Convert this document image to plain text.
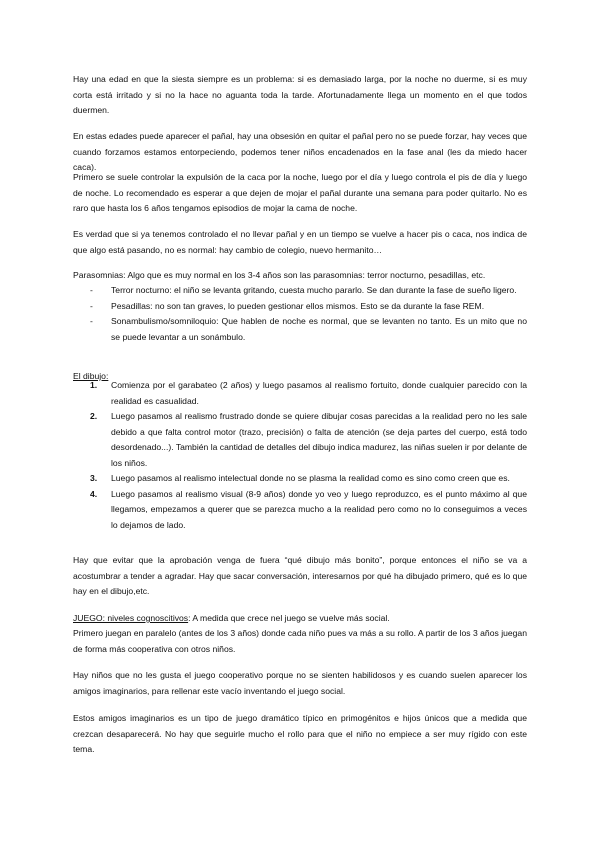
Hay una edad en que la siesta siempre es un problema: si es demasiado larga, por la noche no duerme, si es muy corta está irritado y si no la hace no aguanta toda la tarde. Afortunadamente llega un momento en el que todos duermen.

En estas edades puede aparecer el pañal, hay una obsesión en quitar el pañal pero no se puede forzar, hay veces que cuando forzamos estamos entorpeciendo, podemos tener niños encadenados en la fase anal (les da miedo hacer caca).

Primero se suele controlar la expulsión de la caca por la noche, luego por el día y luego controla el pis de día y luego de noche. Lo recomendado es esperar a que dejen de mojar el pañal durante una semana para poder quitarlo. No es raro que hasta los 6 años tengamos episodios de mojar la cama de noche.

Es verdad que si ya tenemos controlado el no llevar pañal y en un tiempo se vuelve a hacer pis o caca, nos indica de que algo está pasando, no es normal: hay cambio de colegio, nuevo hermanito…

Parasomnias: Algo que es muy normal en los 3-4 años son las parasomnias: terror nocturno, pesadillas, etc.

- Terror nocturno: el niño se levanta gritando, cuesta mucho pararlo. Se dan durante la fase de sueño ligero.
- Pesadillas: no son tan graves, lo pueden gestionar ellos mismos. Esto se da durante la fase REM.
- Sonambulismo/somniloquio: Que hablen de noche es normal, que se levanten no tanto. Es un mito que no se puede levantar a un sonámbulo.

El dibujo:

1. Comienza por el garabateo (2 años) y luego pasamos al realismo fortuito, donde cualquier parecido con la realidad es casualidad.
2. Luego pasamos al realismo frustrado donde se quiere dibujar cosas parecidas a la realidad pero no les sale debido a que falta control motor (trazo, precisión) o falta de atención (se deja partes del cuerpo, está todo desordenado...). También la cantidad de detalles del dibujo indica madurez, las niñas suelen ir por delante de los niños.
3. Luego pasamos al realismo intelectual donde no se plasma la realidad como es sino como creen que es.
4. Luego pasamos al realismo visual (8-9 años) donde yo veo y luego reproduzco, es el punto máximo al que llegamos, empezamos a querer que se parezca mucho a la realidad pero como no lo conseguimos a veces lo dejamos de lado.

Hay que evitar que la aprobación venga de fuera “qué dibujo más bonito”, porque entonces el niño se va a acostumbrar a tender a agradar. Hay que sacar conversación, interesarnos por qué ha dibujado primero, qué es lo que hay en el dibujo,etc.

JUEGO: niveles cognoscitivos: A medida que crece nel juego se vuelve más social.

Primero juegan en paralelo (antes de los 3 años) donde cada niño pues va más a su rollo. A partir de los 3 años juegan de forma más cooperativa con otros niños.

Hay niños que no les gusta el juego cooperativo porque no se sienten habilidosos y es cuando suelen aparecer los amigos imaginarios, para rellenar este vacío inventando el juego social.

Estos amigos imaginarios es un tipo de juego dramático típico en primogénitos e hijos únicos que a medida que crezcan desaparecerá. No hay que seguirle mucho el rollo para que el niño no empiece a ser muy rígido con este tema.
